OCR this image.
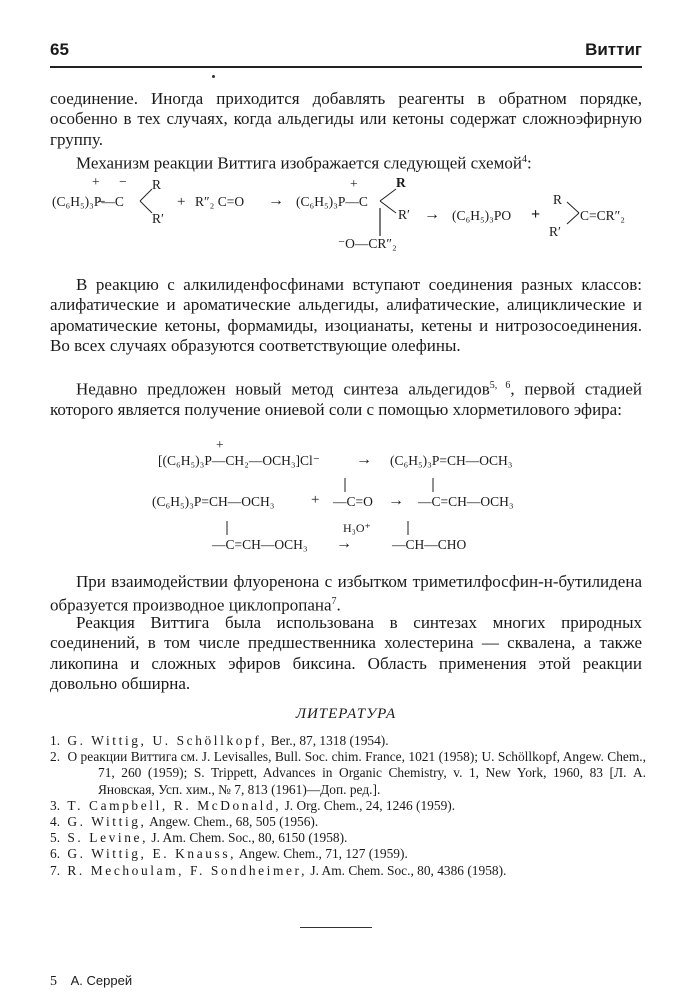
65	Виттиг

соединение. Иногда приходится добавлять реагенты в обратном порядке, особенно в тех случаях, когда альдегиды или кетоны содержат сложноэфирную группу.

Механизм реакции Виттига изображается следующей схемой$^4$:

(C₆H₅)₃P̶—C
+ − R
R′
+ R″₂ C=O → (C₆H₅)₃P—C
+	R
R′
⁻O—CR″₂
→ (C₆H₅)₃PO +
R
R′
C=CR″₂

В реакцию с алкилиденфосфинами вступают соединения разных классов: алифатические и ароматические альдегиды, алифатические, алициклические и ароматические кетоны, формамиды, изоцианаты, кетены и нитрозосоединения. Во всех случаях образуются соответствующие олефины.

Недавно предложен новый метод синтеза альдегидов$^{5, 6}$, первой стадией которого является получение ониевой соли с помощью хлорметилового эфира:

+
[(C₆H₅)₃P—CH₂—OCH₃]Cl⁻ → (C₆H₅)₃P=CH—OCH₃
(C₆H₅)₃P=CH—OCH₃ + —C=O → —C=CH—OCH₃
—C=CH—OCH₃
H₃O⁺
→	—CH—CHO

При взаимодействии флуоренона с избытком триметилфосфин-н-бутилидена образуется производное циклопропана$^7$.

Реакция Виттига была использована в синтезах многих природных соединений, в том числе предшественника холестерина — сквалена, а также ликопина и сложных эфиров биксина. Область применения этой реакции довольно обширна.

ЛИТЕРАТУРА
1. G. Wittig, U. Schöllkopf, Ber., 87, 1318 (1954).
2. О реакции Виттига см. J. Levisalles, Bull. Soc. chim. France, 1021 (1958); U. Schöllkopf, Angew. Chem., 71, 260 (1959); S. Trippett, Advances in Organic Chemistry, v. 1, New York, 1960, 83 [Л. А. Яновская, Усп. хим., № 7, 813 (1961)—Доп. ред.].
3. T. Campbell, R. McDonald, J. Org. Chem., 24, 1246 (1959).
4. G. Wittig, Angew. Chem., 68, 505 (1956).
5. S. Levine, J. Am. Chem. Soc., 80, 6150 (1958).
6. G. Wittig, E. Knauss, Angew. Chem., 71, 127 (1959).
7. R. Mechoulam, F. Sondheimer, J. Am. Chem. Soc., 80, 4386 (1958).
5 А. Серрей
